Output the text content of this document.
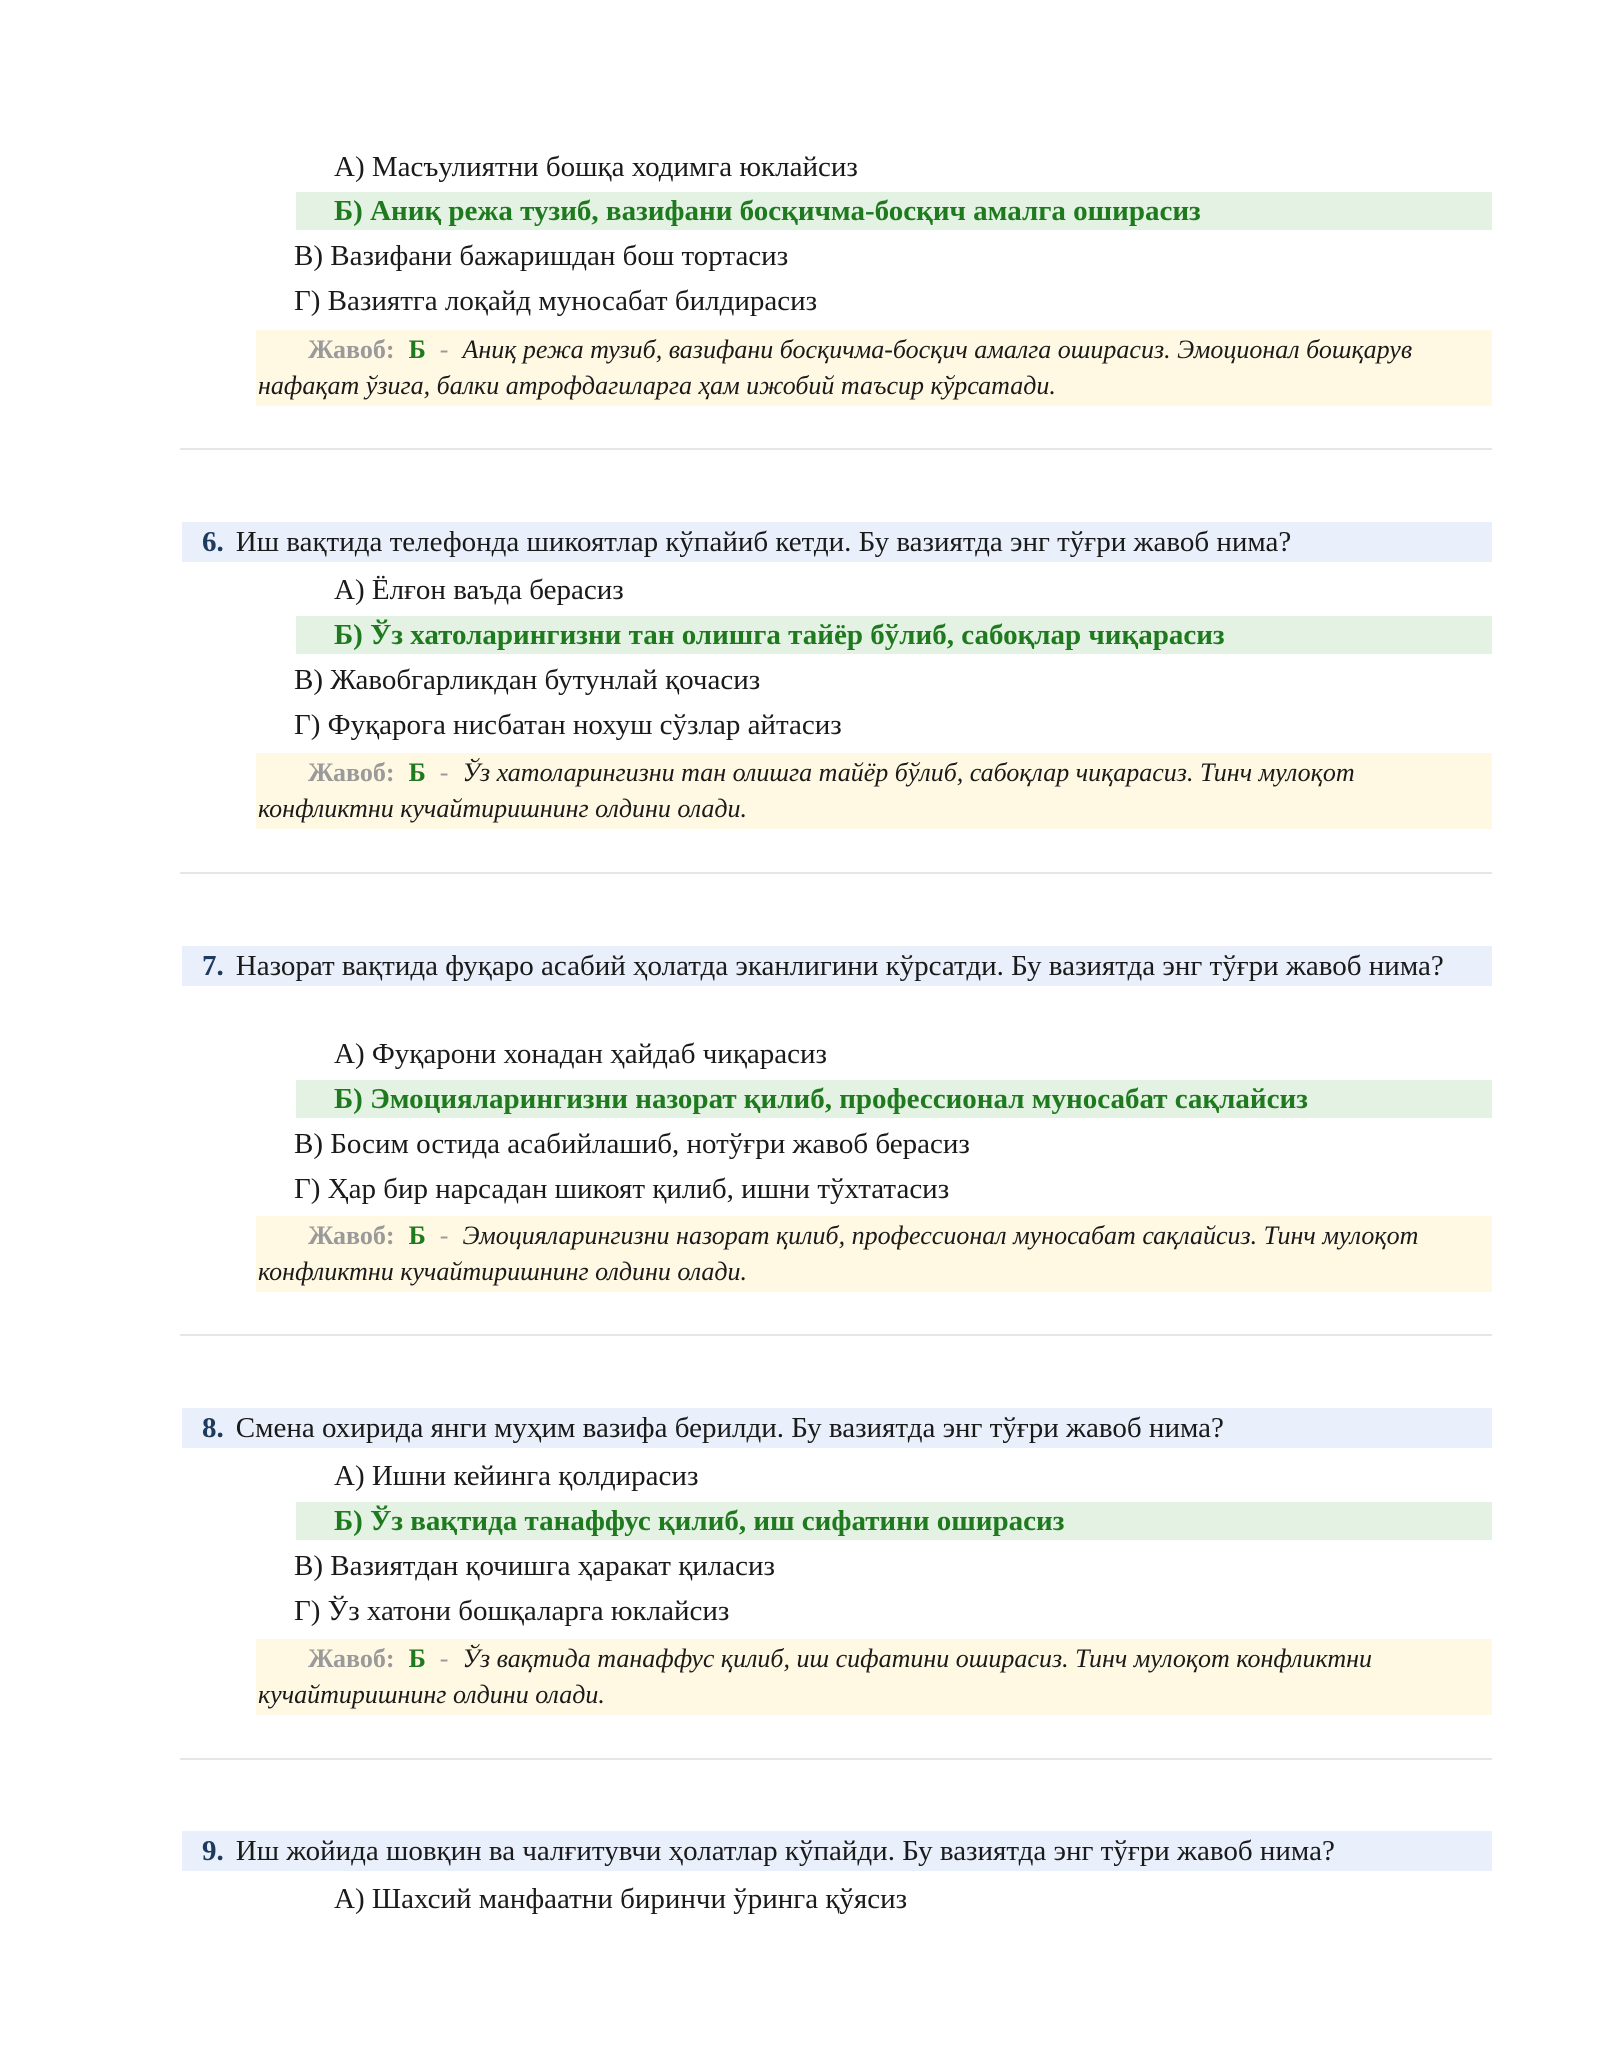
А) Масъулиятни бошқа ходимга юклайсиз
Б) Аниқ режа тузиб, вазифани босқичма-босқич амалга оширасиз
В) Вазифани бажаришдан бош тортасиз
Г) Вазиятга лоқайд муносабат билдирасиз
Жавоб: Б - Аниқ режа тузиб, вазифани босқичма-босқич амалга оширасиз. Эмоционал бошқарув нафақат ўзига, балки атрофдагиларга ҳам ижобий таъсир кўрсатади.
6. Иш вақтида телефонда шикоятлар кўпайиб кетди. Бу вазиятда энг тўғри жавоб нима?
А) Ёлғон ваъда берасиз
Б) Ўз хатоларингизни тан олишга тайёр бўлиб, сабоқлар чиқарасиз
В) Жавобгарликдан бутунлай қочасиз
Г) Фуқарога нисбатан нохуш сўзлар айтасиз
Жавоб: Б - Ўз хатоларингизни тан олишга тайёр бўлиб, сабоқлар чиқарасиз. Тинч мулоқот конфликтни кучайтиришнинг олдини олади.
7. Назорат вақтида фуқаро асабий ҳолатда эканлигини кўрсатди. Бу вазиятда энг тўғри жавоб нима?
А) Фуқарони хонадан ҳайдаб чиқарасиз
Б) Эмоцияларингизни назорат қилиб, профессионал муносабат сақлайсиз
В) Босим остида асабийлашиб, нотўғри жавоб берасиз
Г) Ҳар бир нарсадан шикоят қилиб, ишни тўхтатасиз
Жавоб: Б - Эмоцияларингизни назорат қилиб, профессионал муносабат сақлайсиз. Тинч мулоқот конфликтни кучайтиришнинг олдини олади.
8. Смена охирида янги муҳим вазифа берилди. Бу вазиятда энг тўғри жавоб нима?
А) Ишни кейинга қолдирасиз
Б) Ўз вақтида танаффус қилиб, иш сифатини оширасиз
В) Вазиятдан қочишга ҳаракат қиласиз
Г) Ўз хатони бошқаларга юклайсиз
Жавоб: Б - Ўз вақтида танаффус қилиб, иш сифатини оширасиз. Тинч мулоқот конфликтни кучайтиришнинг олдини олади.
9. Иш жойида шовқин ва чалғитувчи ҳолатлар кўпайди. Бу вазиятда энг тўғри жавоб нима?
А) Шахсий манфаатни биринчи ўринга қўясиз
